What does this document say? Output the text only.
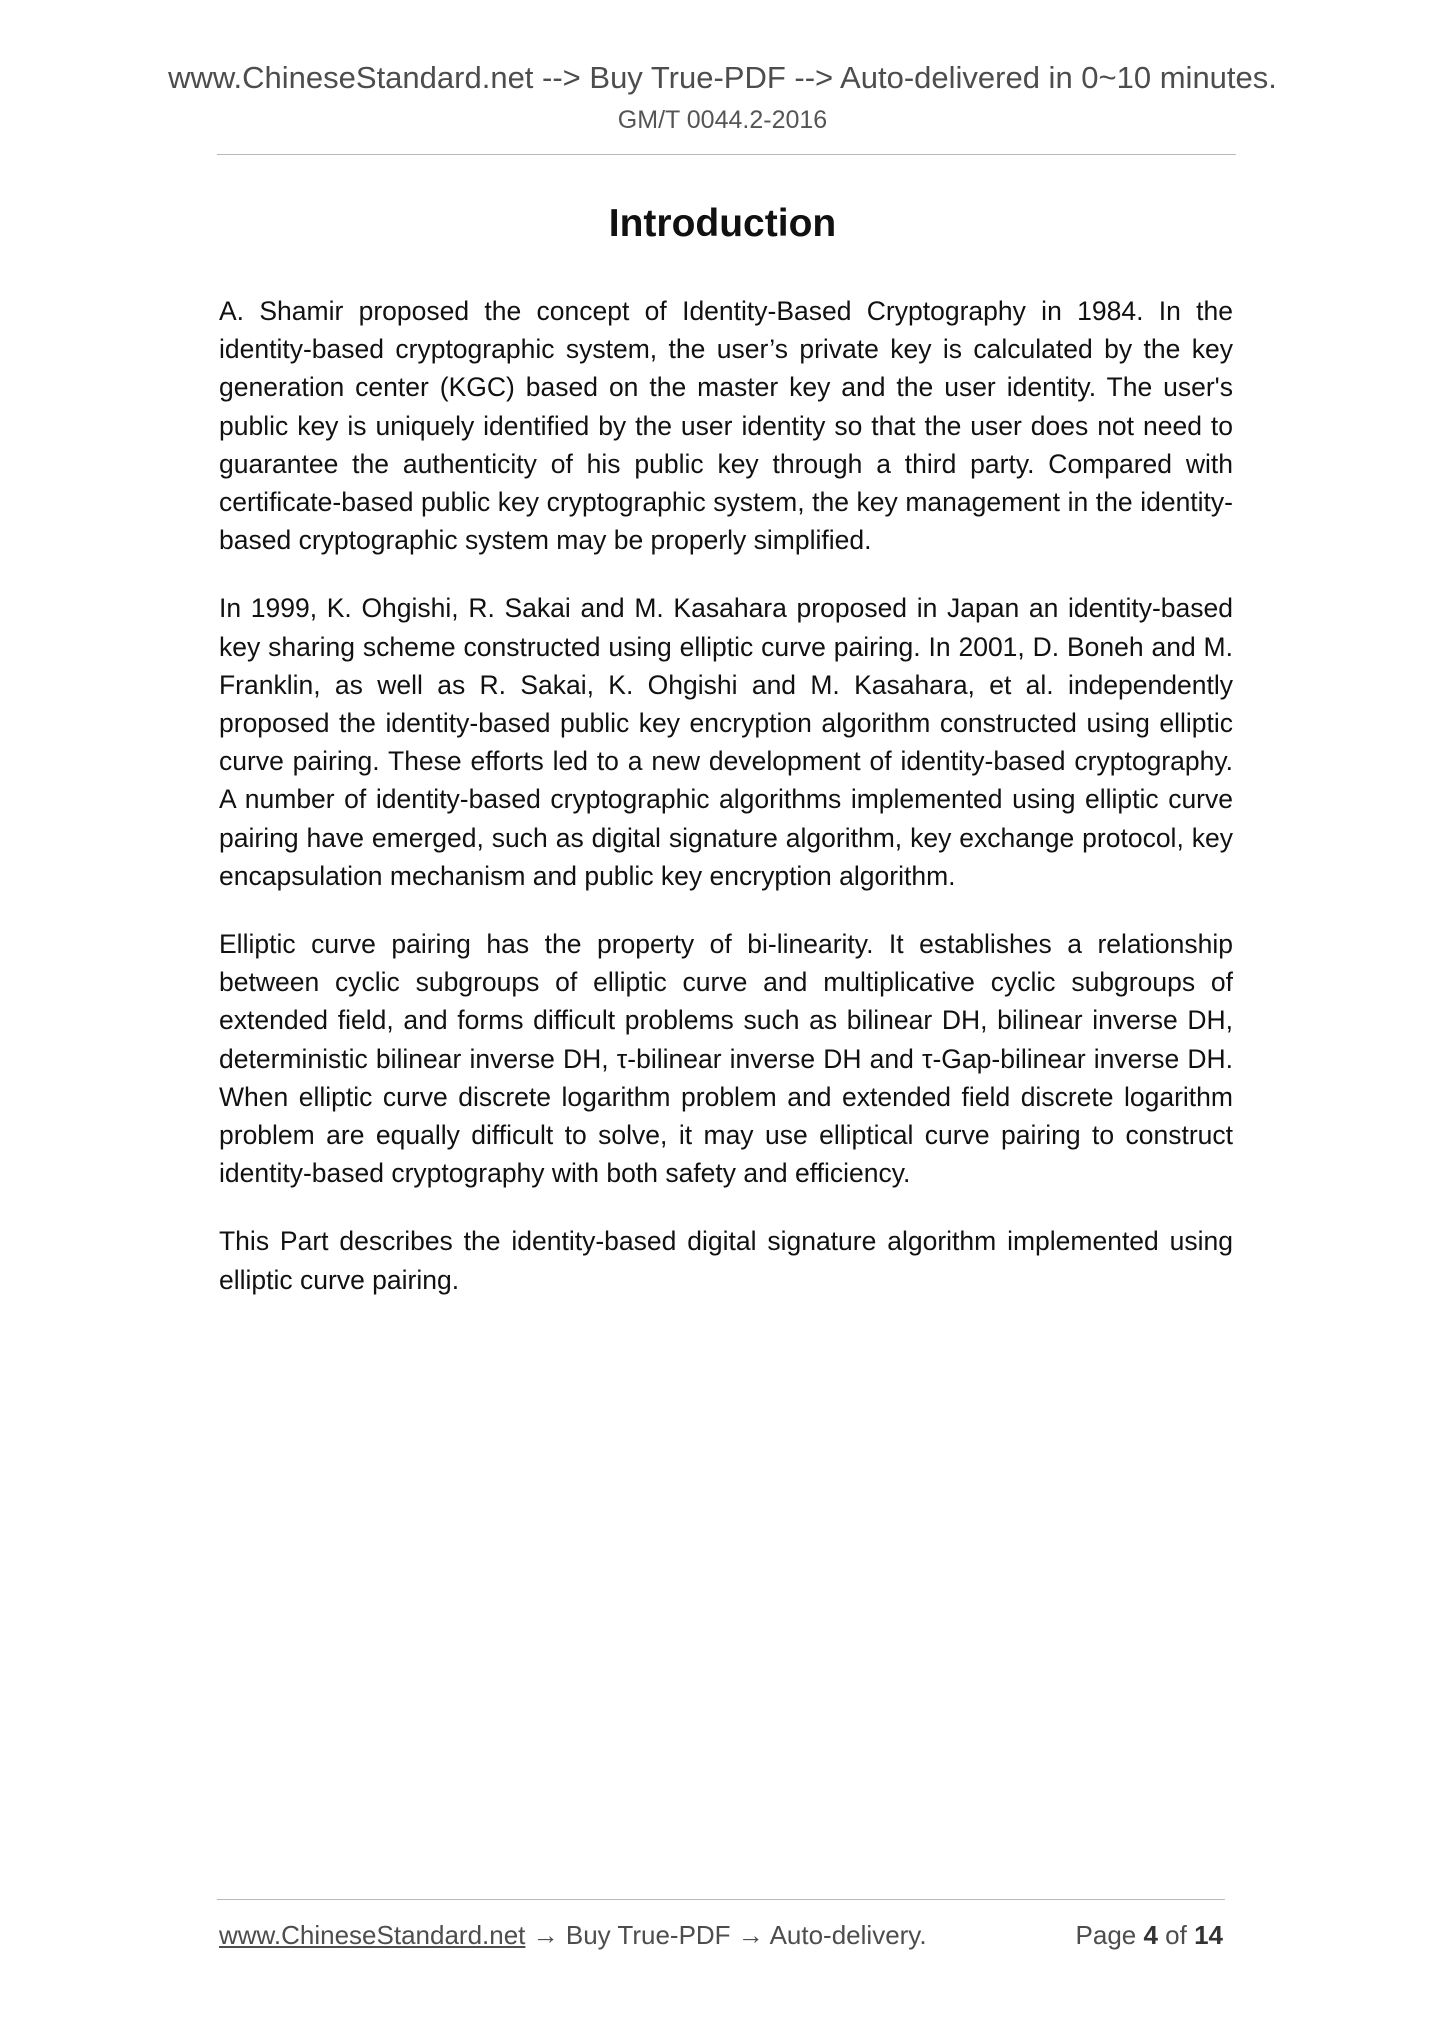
www.ChineseStandard.net --> Buy True-PDF --> Auto-delivered in 0~10 minutes.
GM/T 0044.2-2016
Introduction

A. Shamir proposed the concept of Identity-Based Cryptography in 1984. In the identity-based cryptographic system, the user’s private key is calculated by the key generation center (KGC) based on the master key and the user identity. The user's public key is uniquely identified by the user identity so that the user does not need to guarantee the authenticity of his public key through a third party. Compared with certificate-based public key cryptographic system, the key management in the identity-based cryptographic system may be properly simplified.

In 1999, K. Ohgishi, R. Sakai and M. Kasahara proposed in Japan an identity-based key sharing scheme constructed using elliptic curve pairing. In 2001, D. Boneh and M. Franklin, as well as R. Sakai, K. Ohgishi and M. Kasahara, et al. independently proposed the identity-based public key encryption algorithm constructed using elliptic curve pairing. These efforts led to a new development of identity-based cryptography. A number of identity-based cryptographic algorithms implemented using elliptic curve pairing have emerged, such as digital signature algorithm, key exchange protocol, key encapsulation mechanism and public key encryption algorithm.

Elliptic curve pairing has the property of bi-linearity. It establishes a relationship between cyclic subgroups of elliptic curve and multiplicative cyclic subgroups of extended field, and forms difficult problems such as bilinear DH, bilinear inverse DH, deterministic bilinear inverse DH, τ-bilinear inverse DH and τ-Gap-bilinear inverse DH. When elliptic curve discrete logarithm problem and extended field discrete logarithm problem are equally difficult to solve, it may use elliptical curve pairing to construct identity-based cryptography with both safety and efficiency.

This Part describes the identity-based digital signature algorithm implemented using elliptic curve pairing.

www.ChineseStandard.net → Buy True-PDF → Auto-delivery.	Page 4 of 14
